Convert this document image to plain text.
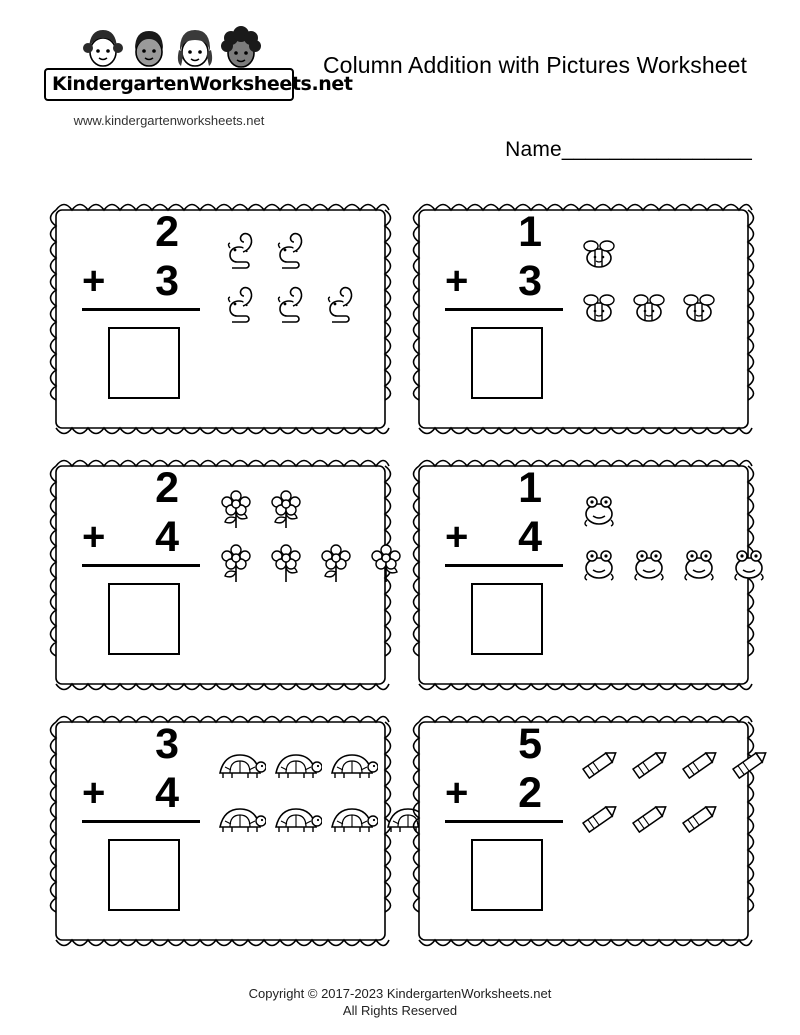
KindergartenWorksheets.net
www.kindergartenworksheets.net
Column Addition with Pictures Worksheet
Name________________
2
+ 3
1
+ 3
2
+ 4
1
+ 4
3
+ 4
5
+ 2
Copyright © 2017-2023 KindergartenWorksheets.net
All Rights Reserved
